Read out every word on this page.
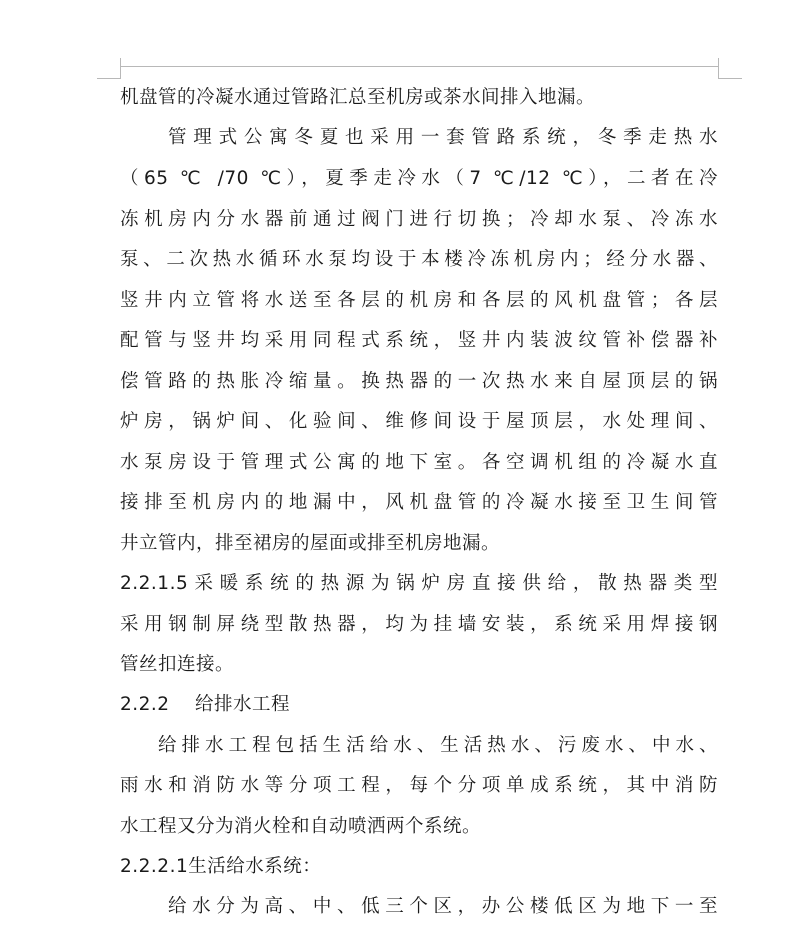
机盘管的冷凝水通过管路汇总至机房或茶水间排入地漏。
管理式公寓冬夏也采用一套管路系统，冬季走热水
（65 ℃ /70 ℃），夏季走冷水（7 ℃/12 ℃），二者在冷
冻机房内分水器前通过阀门进行切换；冷却水泵、冷冻水
泵、二次热水循环水泵均设于本楼冷冻机房内；经分水器、
竖井内立管将水送至各层的机房和各层的风机盘管；各层
配管与竖井均采用同程式系统，竖井内装波纹管补偿器补
偿管路的热胀冷缩量。换热器的一次热水来自屋顶层的锅
炉房，锅炉间、化验间、维修间设于屋顶层，水处理间、
水泵房设于管理式公寓的地下室。各空调机组的冷凝水直
接排至机房内的地漏中，风机盘管的冷凝水接至卫生间管
井立管内，排至裙房的屋面或排至机房地漏。
2.2.1.5采暖系统的热源为锅炉房直接供给，散热器类型
采用钢制屏绕型散热器，均为挂墙安装，系统采用焊接钢
管丝扣连接。
2.2.2　 给排水工程
给排水工程包括生活给水、生活热水、污废水、中水、
雨水和消防水等分项工程，每个分项单成系统，其中消防
水工程又分为消火栓和自动喷洒两个系统。
2.2.2.1生活给水系统：
给水分为高、中、低三个区，办公楼低区为地下一至
